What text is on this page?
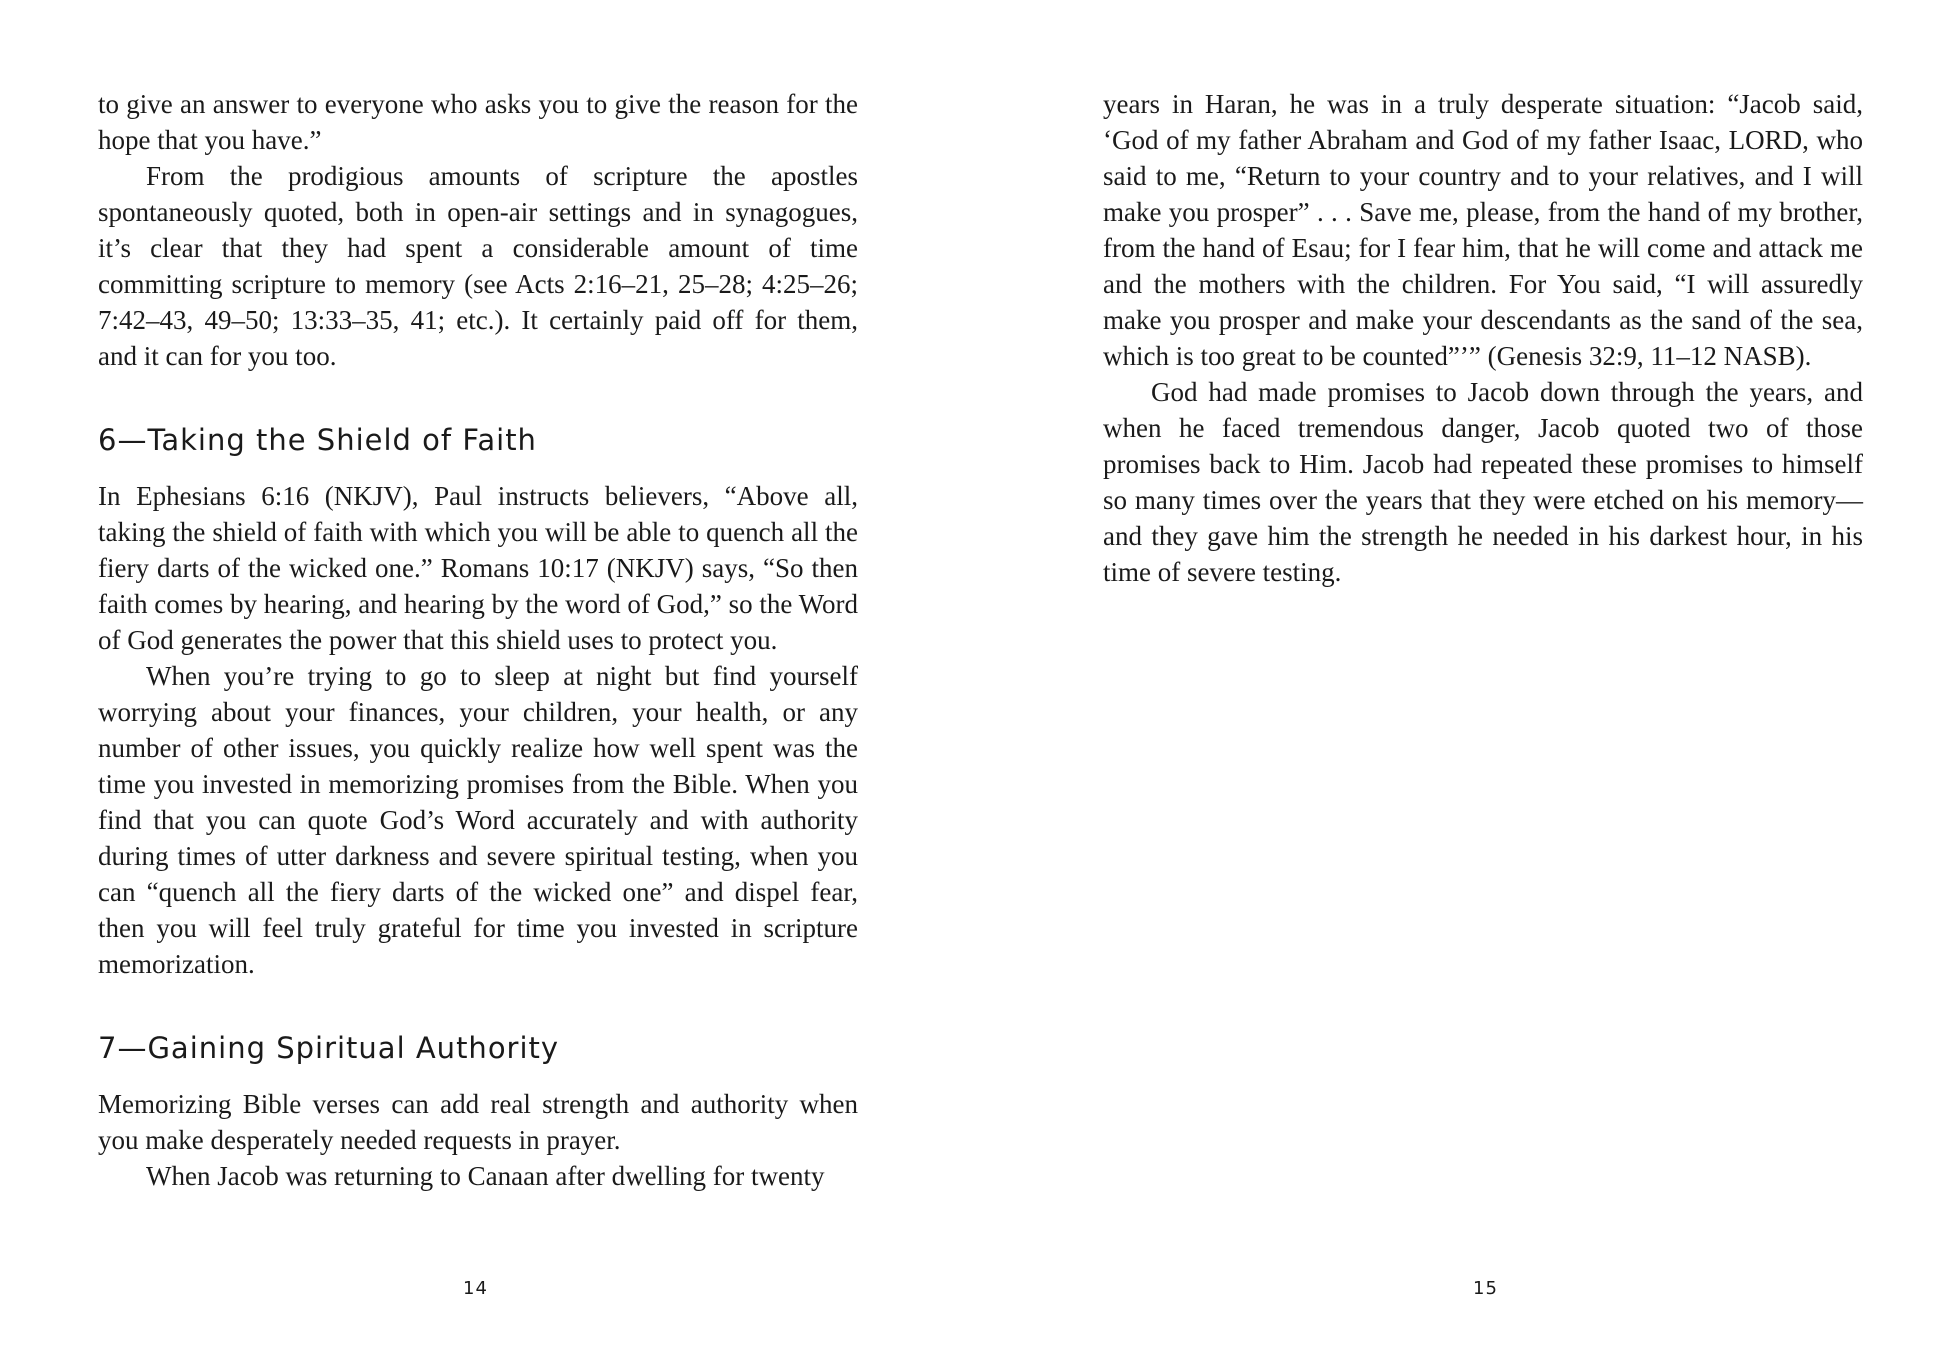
to give an answer to everyone who asks you to give the reason for the hope that you have.”

From the prodigious amounts of scripture the apostles spontaneously quoted, both in open-air settings and in synagogues, it’s clear that they had spent a considerable amount of time committing scripture to memory (see Acts 2:16–21, 25–28; 4:25–26; 7:42–43, 49–50; 13:33–35, 41; etc.). It certainly paid off for them, and it can for you too.

6—Taking the Shield of Faith

In Ephesians 6:16 (NKJV), Paul instructs believers, “Above all, taking the shield of faith with which you will be able to quench all the fiery darts of the wicked one.” Romans 10:17 (NKJV) says, “So then faith comes by hearing, and hearing by the word of God,” so the Word of God generates the power that this shield uses to protect you.

When you’re trying to go to sleep at night but find yourself worrying about your finances, your children, your health, or any number of other issues, you quickly realize how well spent was the time you invested in memorizing promises from the Bible. When you find that you can quote God’s Word accurately and with authority during times of utter darkness and severe spiritual testing, when you can “quench all the fiery darts of the wicked one” and dispel fear, then you will feel truly grateful for time you invested in scripture memorization.

7—Gaining Spiritual Authority

Memorizing Bible verses can add real strength and authority when you make desperately needed requests in prayer.

When Jacob was returning to Canaan after dwelling for twenty

14

years in Haran, he was in a truly desperate situation: “Jacob said, ‘God of my father Abraham and God of my father Isaac, LORD, who said to me, “Return to your country and to your relatives, and I will make you prosper” . . . Save me, please, from the hand of my brother, from the hand of Esau; for I fear him, that he will come and attack me and the mothers with the children. For You said, “I will assuredly make you prosper and make your descendants as the sand of the sea, which is too great to be counted”’” (Genesis 32:9, 11–12 NASB).

God had made promises to Jacob down through the years, and when he faced tremendous danger, Jacob quoted two of those promises back to Him. Jacob had repeated these promises to himself so many times over the years that they were etched on his memory—and they gave him the strength he needed in his darkest hour, in his time of severe testing.

15
